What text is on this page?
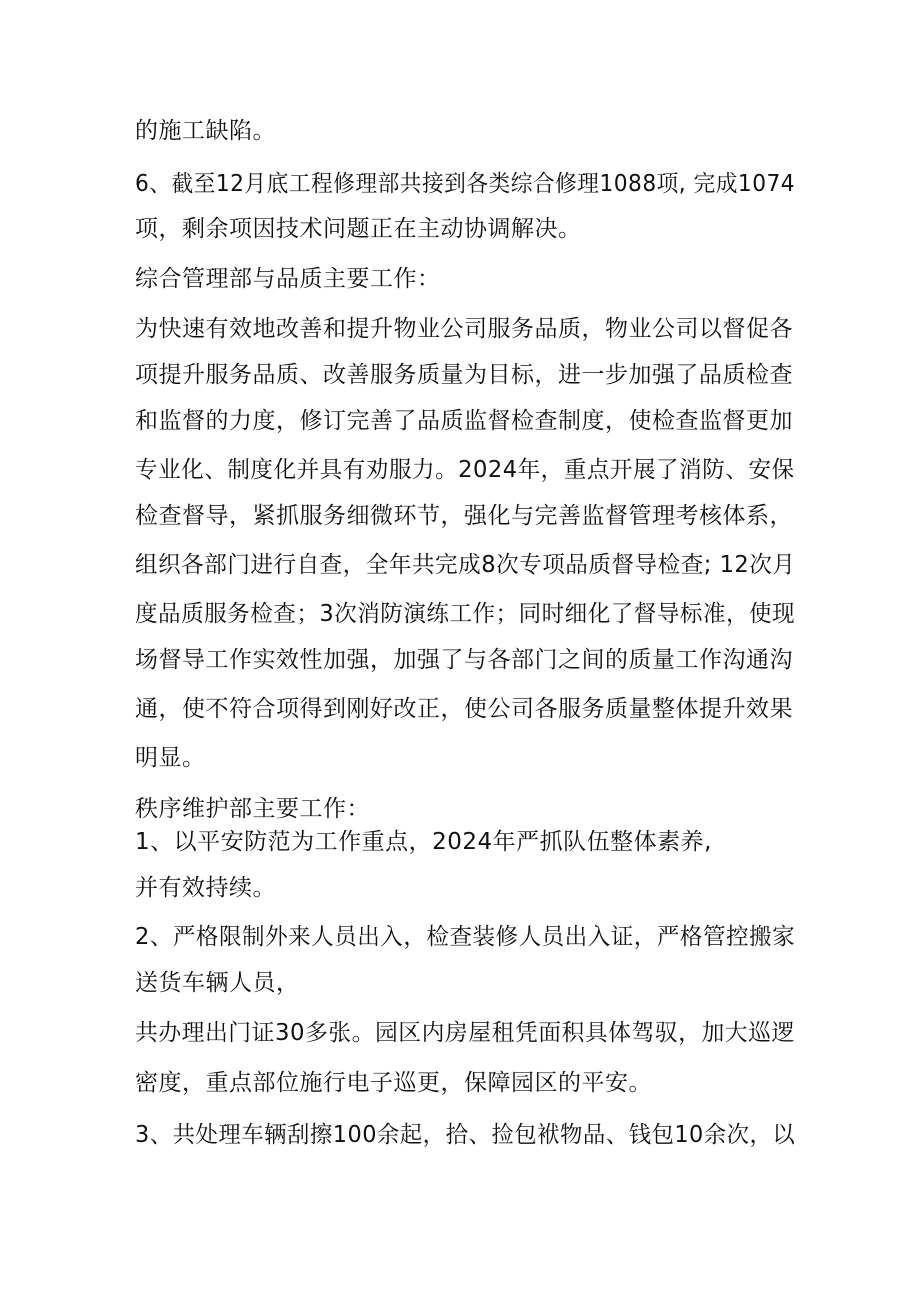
的施工缺陷。

6、截至12月底工程修理部共接到各类综合修理1088项, 完成1074

项，剩余项因技术问题正在主动协调解决。

综合管理部与品质主要工作：

为快速有效地改善和提升物业公司服务品质，物业公司以督促各

项提升服务品质、改善服务质量为目标，进一步加强了品质检查

和监督的力度，修订完善了品质监督检查制度，使检查监督更加

专业化、制度化并具有劝服力。2024年，重点开展了消防、安保

检查督导，紧抓服务细微环节，强化与完善监督管理考核体系，

组织各部门进行自查，全年共完成8次专项品质督导检查; 12次月

度品质服务检查；3次消防演练工作；同时细化了督导标准，使现

场督导工作实效性加强，加强了与各部门之间的质量工作沟通沟

通，使不符合项得到刚好改正，使公司各服务质量整体提升效果

明显。

秩序维护部主要工作：

1、以平安防范为工作重点，2024年严抓队伍整体素养,

并有效持续。

2、严格限制外来人员出入，检查装修人员出入证，严格管控搬家

送货车辆人员，

共办理出门证30多张。园区内房屋租凭面积具体驾驭，加大巡逻

密度，重点部位施行电子巡更，保障园区的平安。

3、共处理车辆刮擦100余起，拾、捡包袱物品、钱包10余次，以
